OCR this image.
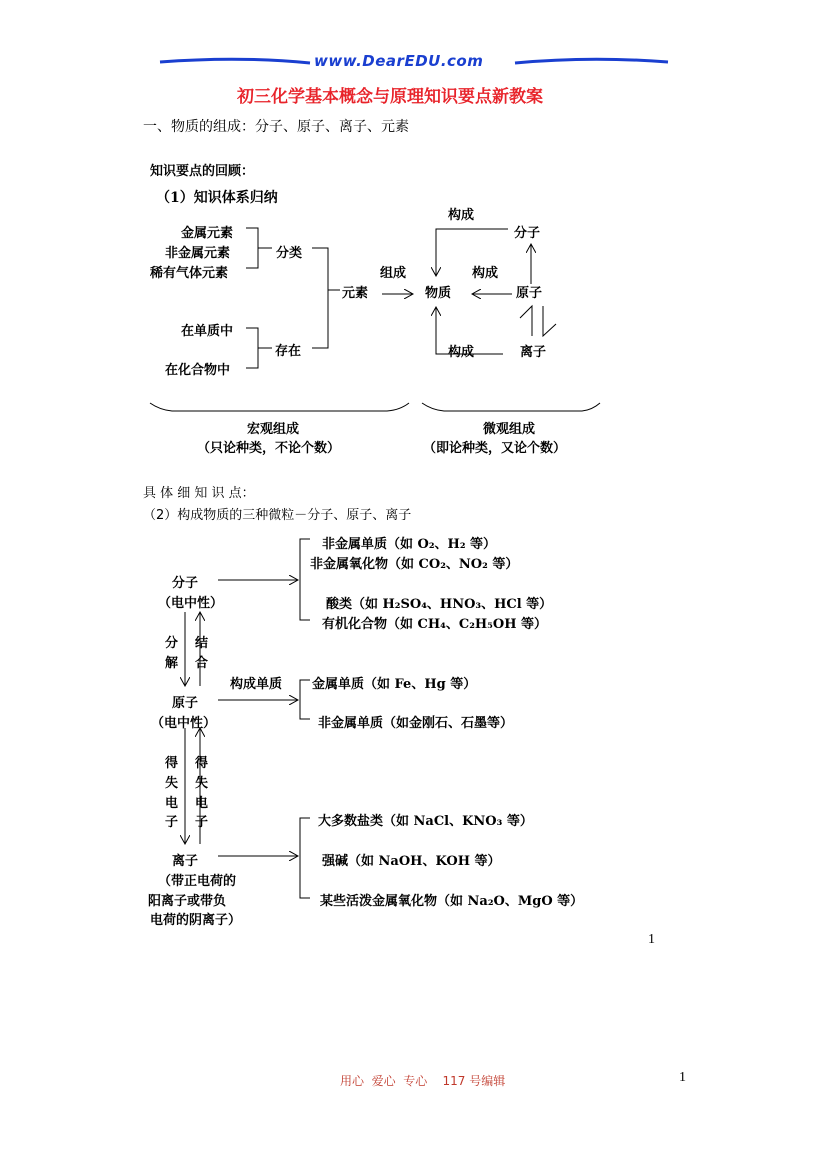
www.DearEDU.com
初三化学基本概念与原理知识要点新教案
一、物质的组成：分子、原子、离子、元素
知识要点的回顾：
（1）知识体系归纳
金属元素
非金属元素
稀有气体元素
分类
在单质中
在化合物中
存在
元素
组成
物质
构成
构成
构成
分子
原子
离子
宏观组成
（只论种类，不论个数）
微观组成
（即论种类，又论个数）
具 体 细 知 识 点：
（2）构成物质的三种微粒－分子、原子、离子
分子
（电中性）
非金属单质（如 O₂、H₂ 等）
非金属氧化物（如 CO₂、NO₂ 等）
酸类（如 H₂SO₄、HNO₃、HCl 等）
有机化合物（如 CH₄、C₂H₅OH 等）
分
解
结
合
原子
（电中性）
构成单质 金属单质（如 Fe、Hg 等）
非金属单质（如金刚石、石墨等）
得
失
电
子
得
失
电
子
离子
（带正电荷的
阳离子或带负
电荷的阴离子）
大多数盐类（如 NaCl、KNO₃ 等）
强碱（如 NaOH、KOH 等）
某些活泼金属氧化物（如 Na₂O、MgO 等）
1
用心  爱心  专心    117 号编辑	1
